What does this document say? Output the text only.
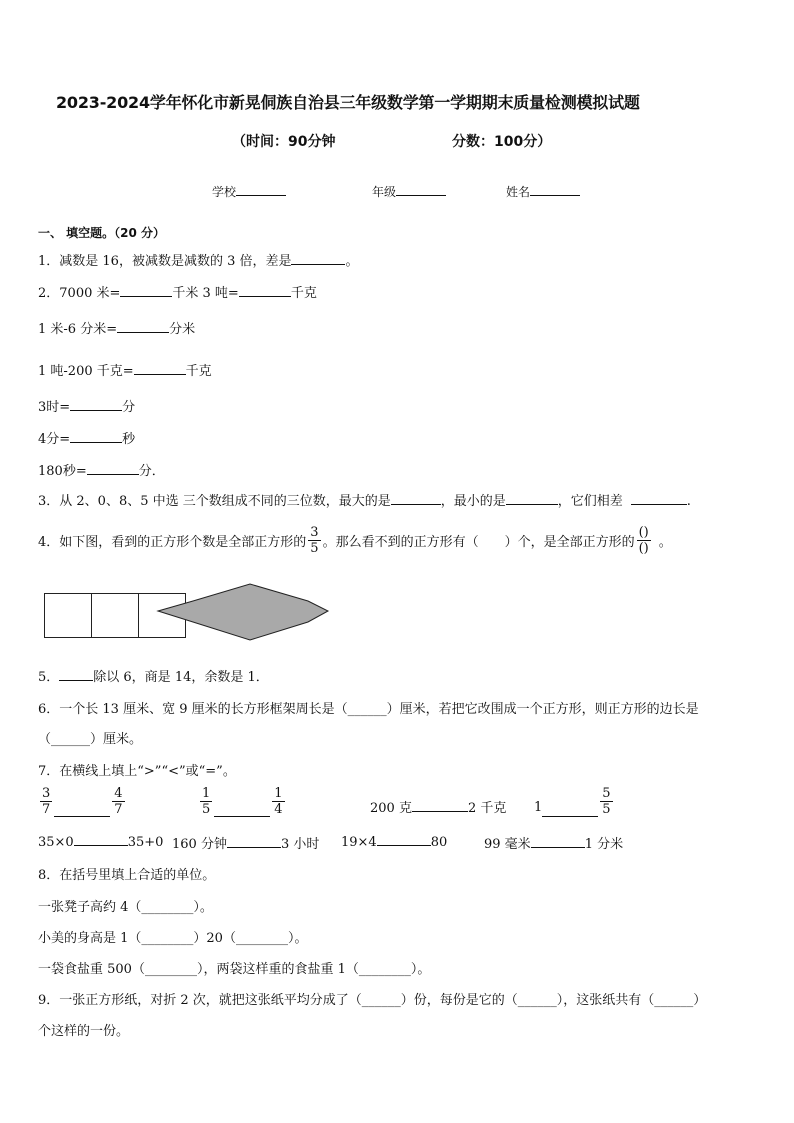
2023-2024学年怀化市新晃侗族自治县三年级数学第一学期期末质量检测模拟试题
（时间：90分钟	分数：100分）
学校	年级	姓名
一、 填空题。（20 分）
1．减数是 16，被减数是减数的 3 倍，差是	。
2．7000 米=	千米 3 吨=	千克
1 米-6 分米=	分米
1 吨-200 千克=	千克
3时=	分
4分=	秒
180秒=	分．
3．从 2、0、8、5 中选 三个数组成不同的三位数，最大的是	，最小的是	，它们相差	.
4．如下图，看到的正方形个数是全部正方形的 $\frac{3}{5}$ 。那么看不到的正方形有（　　）个，是全部正方形的 $\frac{()}{()}$ 。
5．	除以 6，商是 14，余数是 1．
6．一个长 13 厘米、宽 9 厘米的长方形框架周长是（______）厘米，若把它改围成一个正方形，则正方形的边长是
（______）厘米。
7．在横线上填上“>”“<”或“=”。
$\frac{3}{7}$	$\frac{4}{7}$	$\frac{1}{5}$	$\frac{1}{4}$	200 克	2 千克 1	$\frac{5}{5}$
35×0	35+0 160 分钟	3 小时 19×4	80	99 毫米	1 分米
8．在括号里填上合适的单位。
一张凳子高约 4（________）。
小美的身高是 1（________）20（________）。
一袋食盐重 500（________），两袋这样重的食盐重 1（________）。
9．一张正方形纸，对折 2 次，就把这张纸平均分成了（______）份，每份是它的（______），这张纸共有（______）
个这样的一份。
